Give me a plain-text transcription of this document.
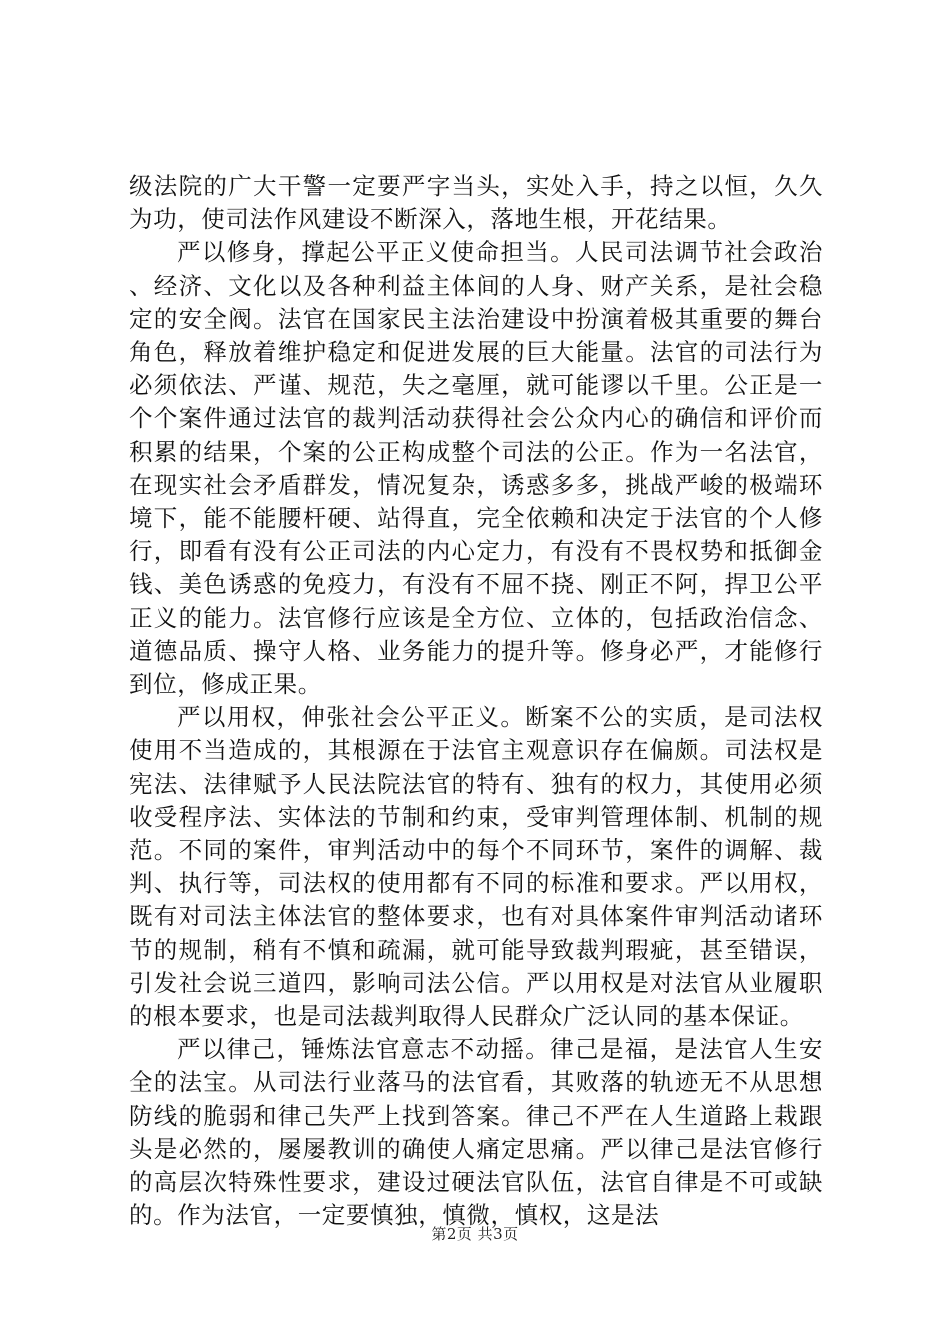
级法院的广大干警一定要严字当头，实处入手，持之以恒，久久为功，使司法作风建设不断深入，落地生根，开花结果。

严以修身，撑起公平正义使命担当。人民司法调节社会政治、经济、文化以及各种利益主体间的人身、财产关系，是社会稳定的安全阀。法官在国家民主法治建设中扮演着极其重要的舞台角色，释放着维护稳定和促进发展的巨大能量。法官的司法行为必须依法、严谨、规范，失之毫厘，就可能谬以千里。公正是一个个案件通过法官的裁判活动获得社会公众内心的确信和评价而积累的结果，个案的公正构成整个司法的公正。作为一名法官，在现实社会矛盾群发，情况复杂，诱惑多多，挑战严峻的极端环境下，能不能腰杆硬、站得直，完全依赖和决定于法官的个人修行，即看有没有公正司法的内心定力，有没有不畏权势和抵御金钱、美色诱惑的免疫力，有没有不屈不挠、刚正不阿，捍卫公平正义的能力。法官修行应该是全方位、立体的，包括政治信念、道德品质、操守人格、业务能力的提升等。修身必严，才能修行到位，修成正果。

严以用权，伸张社会公平正义。断案不公的实质，是司法权使用不当造成的，其根源在于法官主观意识存在偏颇。司法权是宪法、法律赋予人民法院法官的特有、独有的权力，其使用必须收受程序法、实体法的节制和约束，受审判管理体制、机制的规范。不同的案件，审判活动中的每个不同环节，案件的调解、裁判、执行等，司法权的使用都有不同的标准和要求。严以用权，既有对司法主体法官的整体要求，也有对具体案件审判活动诸环节的规制，稍有不慎和疏漏，就可能导致裁判瑕疵，甚至错误，引发社会说三道四，影响司法公信。严以用权是对法官从业履职的根本要求，也是司法裁判取得人民群众广泛认同的基本保证。

严以律己，锤炼法官意志不动摇。律己是福，是法官人生安全的法宝。从司法行业落马的法官看，其败落的轨迹无不从思想防线的脆弱和律己失严上找到答案。律己不严在人生道路上栽跟头是必然的，屡屡教训的确使人痛定思痛。严以律己是法官修行的高层次特殊性要求，建设过硬法官队伍，法官自律是不可或缺的。作为法官，一定要慎独，慎微，慎权，这是法

第2页 共3页
